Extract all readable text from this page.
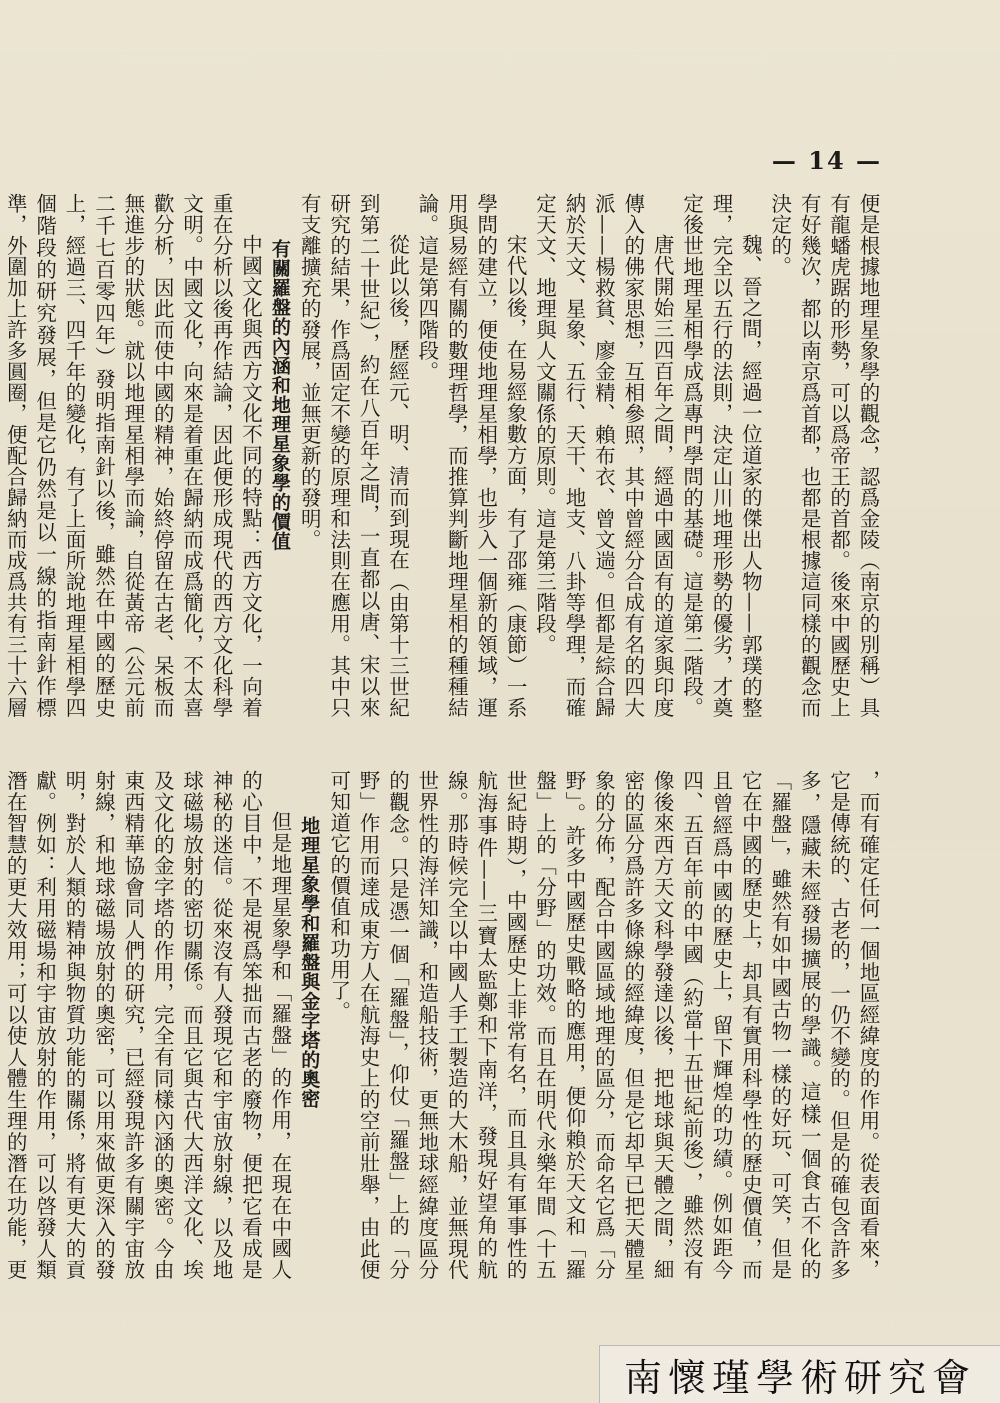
— 14 —

便是根據地理星象學的觀念，認爲金陵（南京的別稱）具有龍蟠虎踞的形勢，可以爲帝王的首都。後來中國歷史上有好幾次，都以南京爲首都，也都是根據這同樣的觀念而決定的。

魏、晉之間，經過一位道家的傑出人物——郭璞的整理，完全以五行的法則，決定山川地理形勢的優劣，才奠定後世地理星相學成爲專門學問的基礎。這是第二階段。

唐代開始三四百年之間，經過中國固有的道家與印度傳入的佛家思想，互相參照，其中曾經分合成有名的四大派——楊救貧、廖金精、賴布衣、曾文遄。但都是綜合歸納於天文、星象、五行、天干、地支、八卦等學理，而確定天文、地理與人文關係的原則。這是第三階段。

宋代以後，在易經象數方面，有了邵雍（康節）一系學問的建立，便使地理星相學，也步入一個新的領域，運用與易經有關的數理哲學，而推算判斷地理星相的種種結論。這是第四階段。

從此以後，歷經元、明、清而到現在（由第十三世紀到第二十世紀），約在八百年之間，一直都以唐、宋以來研究的結果，作爲固定不變的原理和法則在應用。其中只有支離擴充的發展，並無更新的發明。

有關羅盤的內涵和地理星象學的價值

中國文化與西方文化不同的特點：西方文化，一向着重在分析以後再作結論，因此便形成現代的西方文化科學文明。中國文化，向來是着重在歸納而成爲簡化，不太喜歡分析，因此而使中國的精神，始終停留在古老、呆板而無進步的狀態。就以地理星相學而論，自從黃帝（公元前二千七百零四年）發明指南針以後，雖然在中國的歷史上，經過三、四千年的變化，有了上面所說地理星相學四個階段的研究發展，但是它仍然是以一線的指南針作標準，外圍加上許多圓圈，便配合歸納而成爲共有三十六層

，而有確定任何一個地區經緯度的作用。從表面看來，它是傳統的、古老的，一仍不變的。但是的確包含許多多，隱藏未經發揚擴展的學識。這樣一個食古不化的「羅盤」，雖然有如中國古物一樣的好玩、可笑，但是它在中國的歷史上，却具有實用科學性的歷史價值，而且曾經爲中國的歷史上，留下輝煌的功績。例如距今四、五百年前的中國（約當十五世紀前後），雖然沒有像後來西方天文科學發達以後，把地球與天體之間，細密的區分爲許多條線的經緯度，但是它却早已把天體星象的分佈，配合中國區域地理的區分，而命名它爲「分野」。許多中國歷史戰略的應用，便仰賴於天文和「羅盤」上的「分野」的功效。而且在明代永樂年間（十五世紀時期），中國歷史上非常有名，而且具有軍事性的航海事件——三寶太監鄭和下南洋，發現好望角的航線。那時候完全以中國人手工製造的大木船，並無現代世界性的海洋知識，和造船技術，更無地球經緯度區分的觀念。只是憑一個「羅盤」，仰仗「羅盤」上的「分野」作用而達成東方人在航海史上的空前壯舉，由此便可知道它的價值和功用了。

地理星象學和羅盤與金字塔的奧密

但是地理星象學和「羅盤」的作用，在現在中國人的心目中，不是視爲笨拙而古老的廢物，便把它看成是神秘的迷信。從來沒有人發現它和宇宙放射線，以及地球磁場放射的密切關係。而且它與古代大西洋文化、埃及文化的金字塔的作用，完全有同樣內涵的奧密。今由東西精華協會同人們的研究，已經發現許多有關宇宙放射線，和地球磁場放射的奧密，可以用來做更深入的發明，對於人類的精神與物質功能的關係，將有更大的貢獻。例如：利用磁場和宇宙放射的作用，可以啓發人類潛在智慧的更大效用；可以使人體生理的潛在功能，更

南懷瑾學術研究會
